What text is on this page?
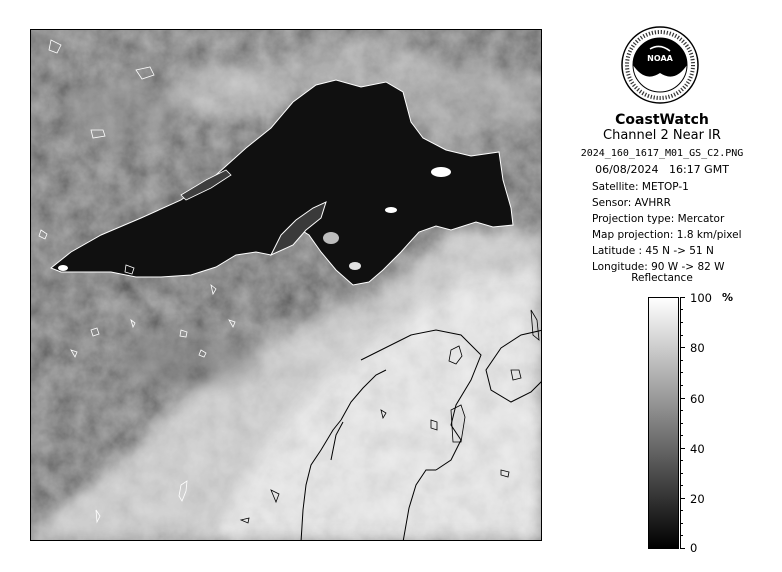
NOAA
CoastWatch
Channel 2 Near IR
2024_160_1617_M01_GS_C2.PNG
06/08/2024 16:17 GMT
Satellite: METOP-1
Sensor: AVHRR
Projection type: Mercator
Map projection: 1.8 km/pixel
Latitude : 45 N -> 51 N
Longitude: 90 W -> 82 W
Reflectance
%
100
80
60
40
20
0
